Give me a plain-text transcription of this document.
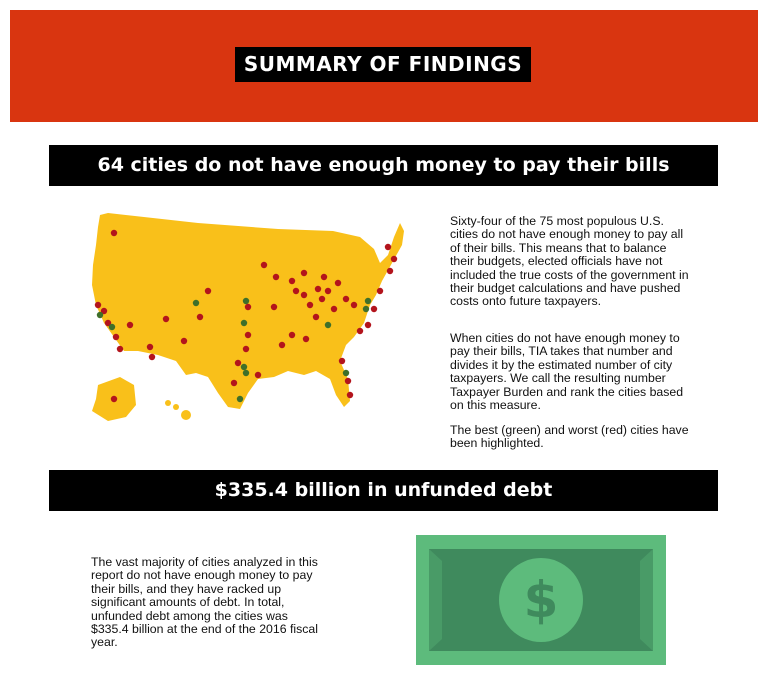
SUMMARY OF FINDINGS
64 cities do not have enough money to pay their bills

Sixty-four of the 75 most populous U.S. cities do not have enough money to pay all of their bills. This means that to balance their budgets, elected officials have not included the true costs of the government in their budget calculations and have pushed costs onto future taxpayers.

When cities do not have enough money to pay their bills, TIA takes that number and divides it by the estimated number of city taxpayers. We call the resulting number Taxpayer Burden and rank the cities based on this measure.

The best (green) and worst (red) cities have been highlighted.

$335.4 billion in unfunded debt

The vast majority of cities analyzed in this report do not have enough money to pay their bills, and they have racked up significant amounts of debt. In total, unfunded debt among the cities was $335.4 billion at the end of the 2016 fiscal year.

$
